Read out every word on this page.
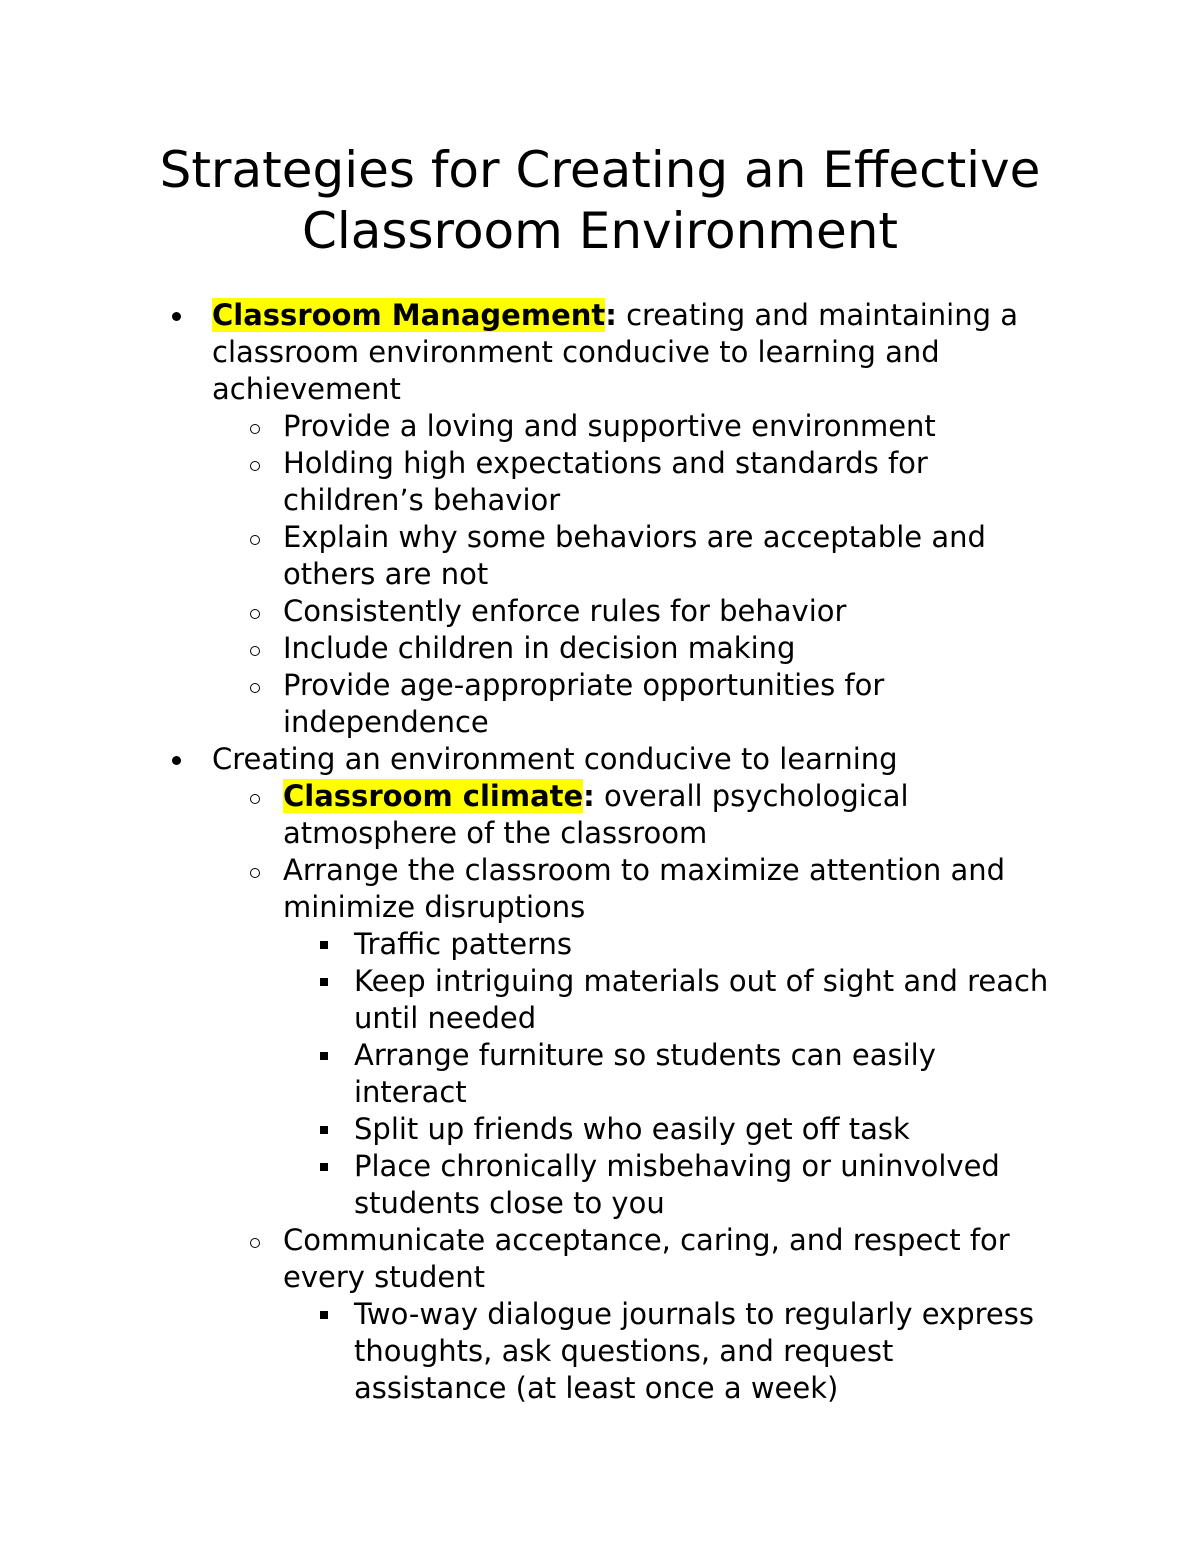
Strategies for Creating an Effective
Classroom Environment
Classroom Management: creating and maintaining a classroom environment conducive to learning and achievement
Provide a loving and supportive environment
Holding high expectations and standards for children’s behavior
Explain why some behaviors are acceptable and others are not
Consistently enforce rules for behavior
Include children in decision making
Provide age-appropriate opportunities for independence
Creating an environment conducive to learning
Classroom climate: overall psychological atmosphere of the classroom
Arrange the classroom to maximize attention and minimize disruptions
Traffic patterns
Keep intriguing materials out of sight and reach until needed
Arrange furniture so students can easily interact
Split up friends who easily get off task
Place chronically misbehaving or uninvolved students close to you
Communicate acceptance, caring, and respect for every student
Two-way dialogue journals to regularly express thoughts, ask questions, and request assistance (at least once a week)
